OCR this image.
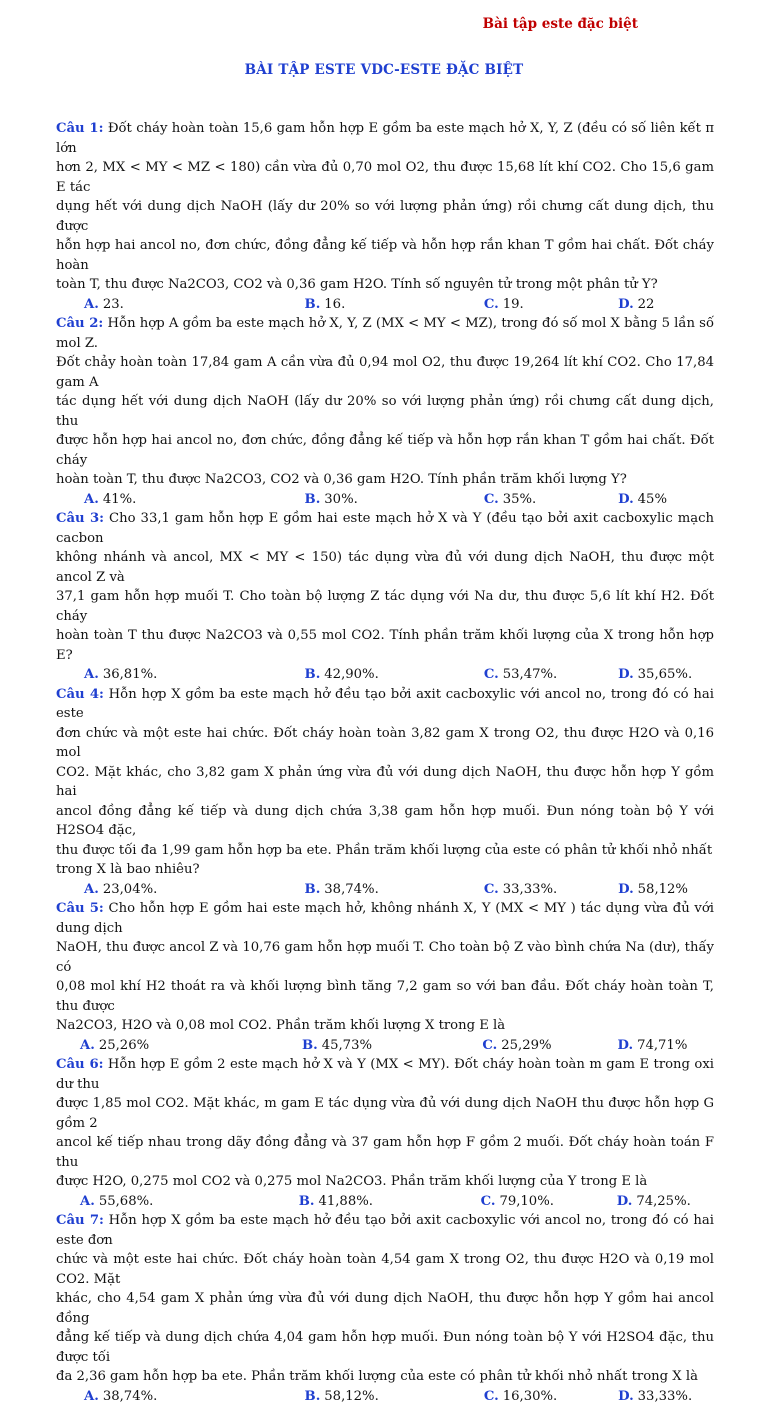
Bài tập este đặc biệt
BÀI TẬP ESTE VDC-ESTE ĐẶC BIỆT
Câu 1: Đốt cháy hoàn toàn 15,6 gam hỗn hợp E gồm ba este mạch hở X, Y, Z (đều có số liên kết π lớn
hơn 2, MX < MY < MZ < 180) cần vừa đủ 0,70 mol O2, thu được 15,68 lít khí CO2. Cho 15,6 gam E tác
dụng hết với dung dịch NaOH (lấy dư 20% so với lượng phản ứng) rồi chưng cất dung dịch, thu được
hỗn hợp hai ancol no, đơn chức, đồng đẳng kế tiếp và hỗn hợp rắn khan T gồm hai chất. Đốt cháy hoàn
toàn T, thu được Na2CO3, CO2 và 0,36 gam H2O. Tính số nguyên tử trong một phân tử Y?
A. 23.	B. 16.	C. 19.	D. 22
Câu 2: Hỗn hợp A gồm ba este mạch hở X, Y, Z (MX < MY < MZ), trong đó số mol X bằng 5 lần số mol Z.
Đốt chảy hoàn toàn 17,84 gam A cần vừa đủ 0,94 mol O2, thu được 19,264 lít khí CO2. Cho 17,84 gam A
tác dụng hết với dung dịch NaOH (lấy dư 20% so với lượng phản ứng) rồi chưng cất dung dịch, thu
được hỗn hợp hai ancol no, đơn chức, đồng đẳng kế tiếp và hỗn hợp rắn khan T gồm hai chất. Đốt cháy
hoàn toàn T, thu được Na2CO3, CO2 và 0,36 gam H2O. Tính phần trăm khối lượng Y?
A. 41%.	B. 30%.	C. 35%.	D. 45%
Câu 3: Cho 33,1 gam hỗn hợp E gồm hai este mạch hở X và Y (đều tạo bởi axit cacboxylic mạch cacbon
không nhánh và ancol, MX < MY < 150) tác dụng vừa đủ với dung dịch NaOH, thu được một ancol Z và
37,1 gam hỗn hợp muối T. Cho toàn bộ lượng Z tác dụng với Na dư, thu được 5,6 lít khí H2. Đốt cháy
hoàn toàn T thu được Na2CO3 và 0,55 mol CO2. Tính phần trăm khối lượng của X trong hỗn hợp E?
A. 36,81%.	B. 42,90%.	C. 53,47%.	D. 35,65%.
Câu 4: Hỗn hợp X gồm ba este mạch hở đều tạo bởi axit cacboxylic với ancol no, trong đó có hai este
đơn chức và một este hai chức. Đốt cháy hoàn toàn 3,82 gam X trong O2, thu được H2O và 0,16 mol
CO2. Mặt khác, cho 3,82 gam X phản ứng vừa đủ với dung dịch NaOH, thu được hỗn hợp Y gồm hai
ancol đồng đẳng kế tiếp và dung dịch chứa 3,38 gam hỗn hợp muối. Đun nóng toàn bộ Y với H2SO4 đặc,
thu được tối đa 1,99 gam hỗn hợp ba ete. Phần trăm khối lượng của este có phân tử khối nhỏ nhất
trong X là bao nhiêu?
A. 23,04%.	B. 38,74%.	C. 33,33%.	D. 58,12%
Câu 5: Cho hỗn hợp E gồm hai este mạch hở, không nhánh X, Y (MX < MY ) tác dụng vừa đủ với dung dịch
NaOH, thu được ancol Z và 10,76 gam hỗn hợp muối T. Cho toàn bộ Z vào bình chứa Na (dư), thấy có
0,08 mol khí H2 thoát ra và khối lượng bình tăng 7,2 gam so với ban đầu. Đốt cháy hoàn toàn T, thu được
Na2CO3, H2O và 0,08 mol CO2. Phần trăm khối lượng X trong E là
A. 25,26%	B. 45,73%	C. 25,29%	D. 74,71%
Câu 6: Hỗn hợp E gồm 2 este mạch hở X và Y (MX < MY). Đốt cháy hoàn toàn m gam E trong oxi dư thu
được 1,85 mol CO2. Mặt khác, m gam E tác dụng vừa đủ với dung dịch NaOH thu được hỗn hợp G gồm 2
ancol kế tiếp nhau trong dãy đồng đẳng và 37 gam hỗn hợp F gồm 2 muối. Đốt cháy hoàn toán F thu
được H2O, 0,275 mol CO2 và 0,275 mol Na2CO3. Phần trăm khối lượng của Y trong E là
A. 55,68%.	B. 41,88%.	C. 79,10%.	D. 74,25%.
Câu 7: Hỗn hợp X gồm ba este mạch hở đều tạo bởi axit cacboxylic với ancol no, trong đó có hai este đơn
chức và một este hai chức. Đốt cháy hoàn toàn 4,54 gam X trong O2, thu được H2O và 0,19 mol CO2. Mặt
khác, cho 4,54 gam X phản ứng vừa đủ với dung dịch NaOH, thu được hỗn hợp Y gồm hai ancol đồng
đẳng kế tiếp và dung dịch chứa 4,04 gam hỗn hợp muối. Đun nóng toàn bộ Y với H2SO4 đặc, thu được tối
đa 2,36 gam hỗn hợp ba ete. Phần trăm khối lượng của este có phân tử khối nhỏ nhất trong X là
A. 38,74%.	B. 58,12%.	C. 16,30%.	D. 33,33%.
